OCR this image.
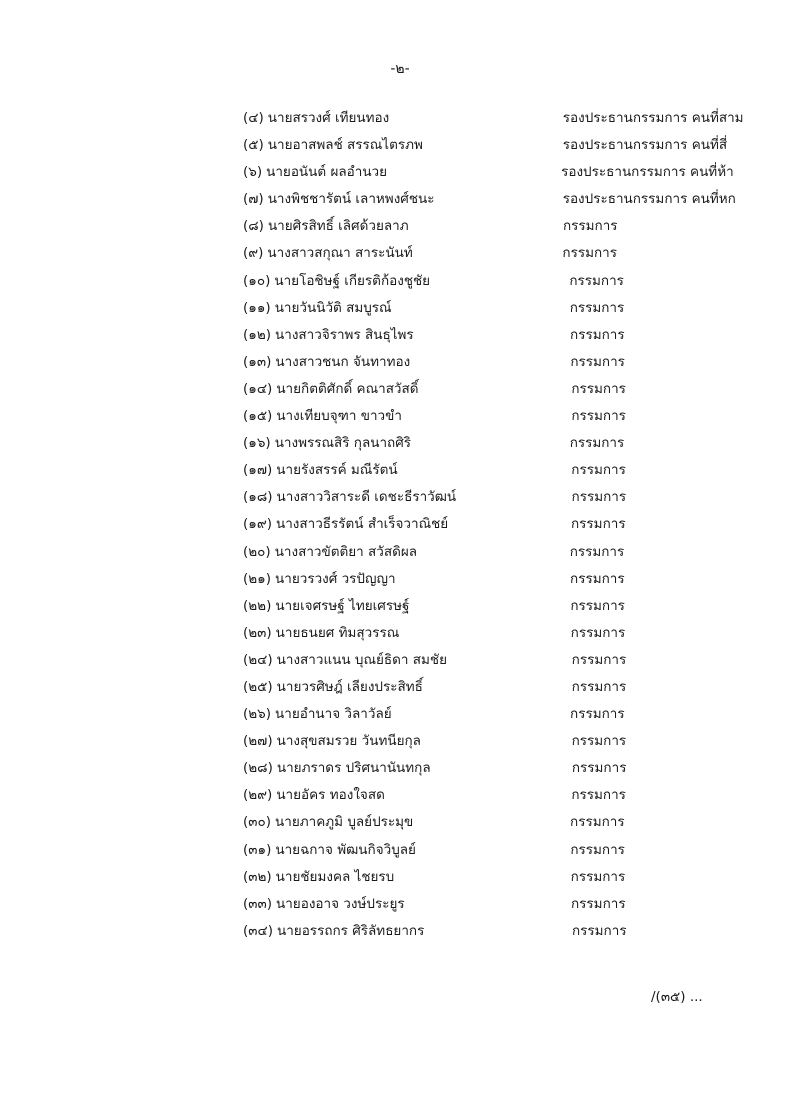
-๒-
(๔) นายสรวงศ์ เทียนทอง	รองประธานกรรมการ คนที่สาม
(๕) นายอาสพลช์ สรรณไตรภพ	รองประธานกรรมการ คนที่สี่
(๖) นายอนันต์ ผลอำนวย	รองประธานกรรมการ คนที่ห้า
(๗) นางพิชชารัตน์ เลาหพงศ์ชนะ	รองประธานกรรมการ คนที่หก
(๘) นายศิรสิทธิ์ เลิศด้วยลาภ	กรรมการ
(๙) นางสาวสกุณา สาระนันท์	กรรมการ
(๑๐) นายโอชิษฐ์ เกียรติก้องชูชัย	กรรมการ
(๑๑) นายวันนิวัติ สมบูรณ์	กรรมการ
(๑๒) นางสาวจิราพร สินธุไพร	กรรมการ
(๑๓) นางสาวชนก จันทาทอง	กรรมการ
(๑๔) นายกิตติศักดิ์ คณาสวัสดิ์	กรรมการ
(๑๕) นางเทียบจุฑา ขาวขำ	กรรมการ
(๑๖) นางพรรณสิริ กุลนาถศิริ	กรรมการ
(๑๗) นายรังสรรค์ มณีรัตน์	กรรมการ
(๑๘) นางสาววิสาระดี เดชะธีราวัฒน์	กรรมการ
(๑๙) นางสาวธีรรัตน์ สำเร็จวาณิชย์	กรรมการ
(๒๐) นางสาวขัตติยา สวัสดิผล	กรรมการ
(๒๑) นายวรวงศ์ วรปัญญา	กรรมการ
(๒๒) นายเจศรษฐ์ ไทยเศรษฐ์	กรรมการ
(๒๓) นายธนยศ ทิมสุวรรณ	กรรมการ
(๒๔) นางสาวแนน บุณย์ธิดา สมชัย	กรรมการ
(๒๕) นายวรศิษฎ์ เลียงประสิทธิ์	กรรมการ
(๒๖) นายอำนาจ วิลาวัลย์	กรรมการ
(๒๗) นางสุขสมรวย วันทนียกุล	กรรมการ
(๒๘) นายภราดร ปริศนานันทกุล	กรรมการ
(๒๙) นายอัคร ทองใจสด	กรรมการ
(๓๐) นายภาคภูมิ บูลย์ประมุข	กรรมการ
(๓๑) นายฉกาจ พัฒนกิจวิบูลย์	กรรมการ
(๓๒) นายชัยมงคล ไชยรบ	กรรมการ
(๓๓) นายองอาจ วงษ์ประยูร	กรรมการ
(๓๔) นายอรรถกร ศิริลัทธยากร	กรรมการ
/(๓๕) ...
